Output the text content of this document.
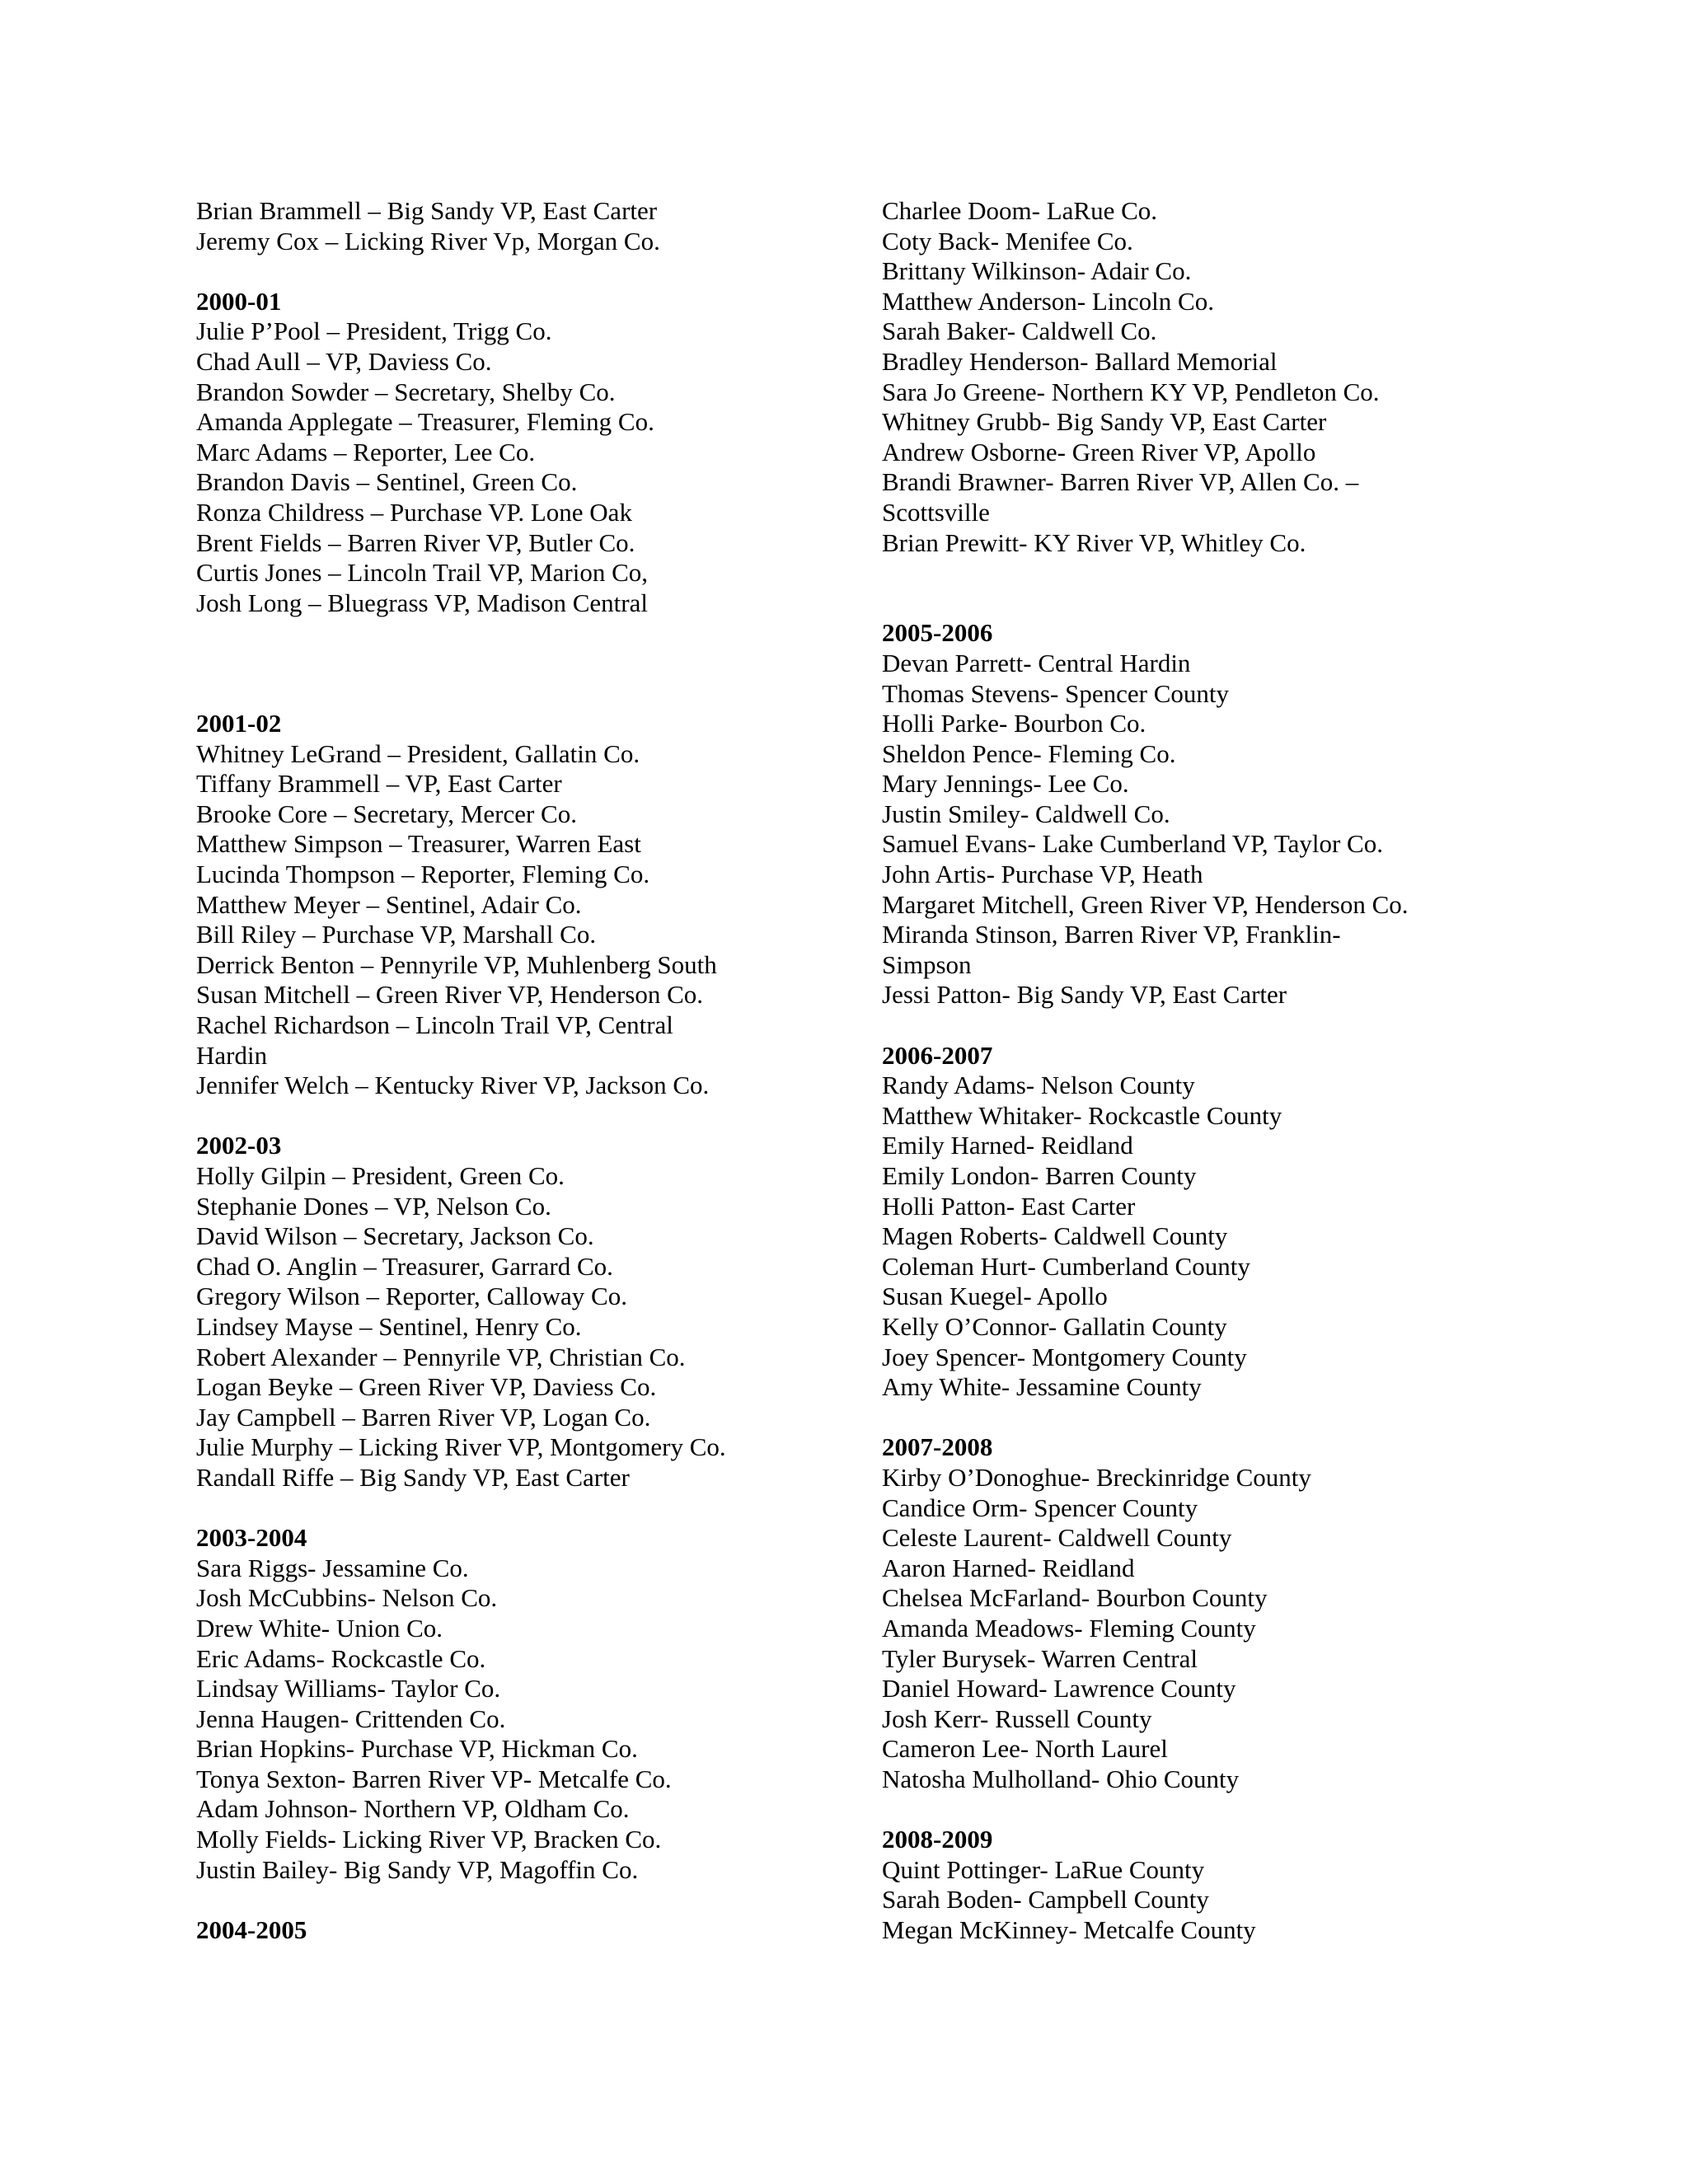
Brian Brammell – Big Sandy VP, East Carter
Jeremy Cox – Licking River Vp, Morgan Co.
2000-01
Julie P’Pool – President, Trigg Co.
Chad Aull – VP, Daviess Co.
Brandon Sowder – Secretary, Shelby Co.
Amanda Applegate – Treasurer, Fleming Co.
Marc Adams – Reporter, Lee Co.
Brandon Davis – Sentinel, Green Co.
Ronza Childress – Purchase VP. Lone Oak
Brent Fields – Barren River VP, Butler Co.
Curtis Jones – Lincoln Trail VP, Marion Co,
Josh Long – Bluegrass VP, Madison Central
2001-02
Whitney LeGrand – President, Gallatin Co.
Tiffany Brammell – VP, East Carter
Brooke Core – Secretary, Mercer Co.
Matthew Simpson – Treasurer, Warren East
Lucinda Thompson – Reporter, Fleming Co.
Matthew Meyer – Sentinel, Adair Co.
Bill Riley – Purchase VP, Marshall Co.
Derrick Benton – Pennyrile VP, Muhlenberg South
Susan Mitchell – Green River VP, Henderson Co.
Rachel Richardson – Lincoln Trail VP, Central
Hardin
Jennifer Welch – Kentucky River VP, Jackson Co.
2002-03
Holly Gilpin – President, Green Co.
Stephanie Dones – VP, Nelson Co.
David Wilson – Secretary, Jackson Co.
Chad O. Anglin – Treasurer, Garrard Co.
Gregory Wilson – Reporter, Calloway Co.
Lindsey Mayse – Sentinel, Henry Co.
Robert Alexander – Pennyrile VP, Christian Co.
Logan Beyke – Green River VP, Daviess Co.
Jay Campbell – Barren River VP, Logan Co.
Julie Murphy – Licking River VP, Montgomery Co.
Randall Riffe – Big Sandy VP, East Carter
2003-2004
Sara Riggs- Jessamine Co.
Josh McCubbins- Nelson Co.
Drew White- Union Co.
Eric Adams- Rockcastle Co.
Lindsay Williams- Taylor Co.
Jenna Haugen- Crittenden Co.
Brian Hopkins- Purchase VP, Hickman Co.
Tonya Sexton- Barren River VP- Metcalfe Co.
Adam Johnson- Northern VP, Oldham Co.
Molly Fields- Licking River VP, Bracken Co.
Justin Bailey- Big Sandy VP, Magoffin Co.
2004-2005
Charlee Doom- LaRue Co.
Coty Back- Menifee Co.
Brittany Wilkinson- Adair Co.
Matthew Anderson- Lincoln Co.
Sarah Baker- Caldwell Co.
Bradley Henderson- Ballard Memorial
Sara Jo Greene- Northern KY VP, Pendleton Co.
Whitney Grubb- Big Sandy VP, East Carter
Andrew Osborne- Green River VP, Apollo
Brandi Brawner- Barren River VP, Allen Co. –
Scottsville
Brian Prewitt- KY River VP, Whitley Co.
2005-2006
Devan Parrett- Central Hardin
Thomas Stevens- Spencer County
Holli Parke- Bourbon Co.
Sheldon Pence- Fleming Co.
Mary Jennings- Lee Co.
Justin Smiley- Caldwell Co.
Samuel Evans- Lake Cumberland VP, Taylor Co.
John Artis- Purchase VP, Heath
Margaret Mitchell, Green River VP, Henderson Co.
Miranda Stinson, Barren River VP, Franklin-
Simpson
Jessi Patton- Big Sandy VP, East Carter
2006-2007
Randy Adams- Nelson County
Matthew Whitaker- Rockcastle County
Emily Harned- Reidland
Emily London- Barren County
Holli Patton- East Carter
Magen Roberts- Caldwell County
Coleman Hurt- Cumberland County
Susan Kuegel- Apollo
Kelly O’Connor- Gallatin County
Joey Spencer- Montgomery County
Amy White- Jessamine County
2007-2008
Kirby O’Donoghue- Breckinridge County
Candice Orm- Spencer County
Celeste Laurent- Caldwell County
Aaron Harned- Reidland
Chelsea McFarland- Bourbon County
Amanda Meadows- Fleming County
Tyler Burysek- Warren Central
Daniel Howard- Lawrence County
Josh Kerr- Russell County
Cameron Lee- North Laurel
Natosha Mulholland- Ohio County
2008-2009
Quint Pottinger- LaRue County
Sarah Boden- Campbell County
Megan McKinney- Metcalfe County
